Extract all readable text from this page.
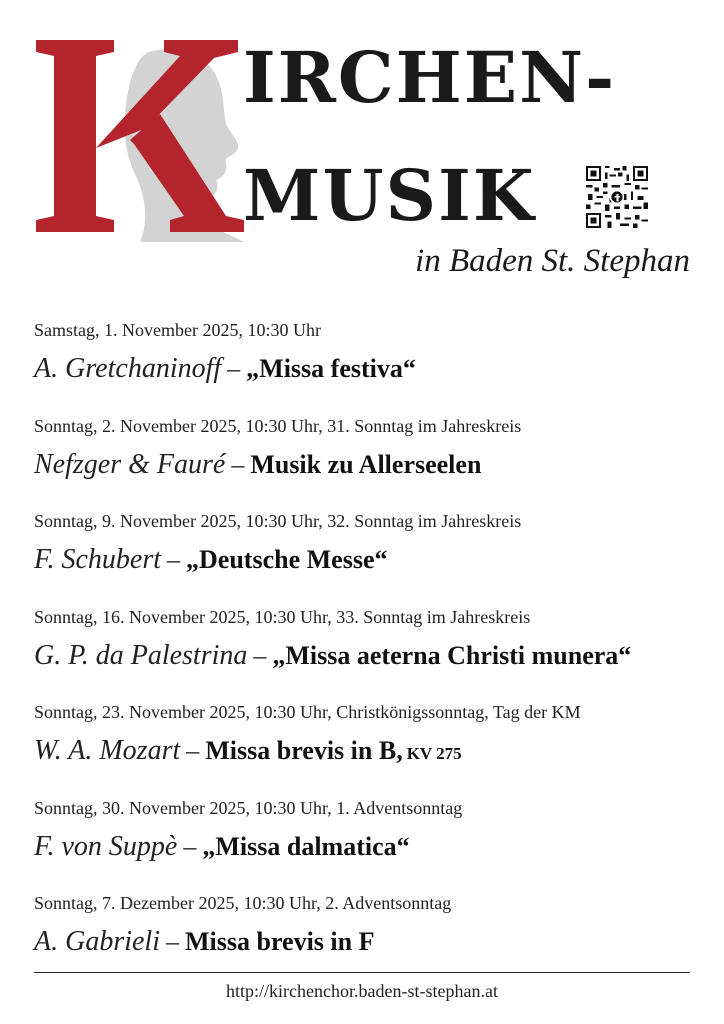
IRCHEN-
MUSIK
in Baden St. Stephan
Samstag, 1. November 2025, 10:30 Uhr
A. Gretchaninoff – „Missa festiva“
Sonntag, 2. November 2025, 10:30 Uhr, 31. Sonntag im Jahreskreis
Nefzger & Fauré – Musik zu Allerseelen
Sonntag, 9. November 2025, 10:30 Uhr, 32. Sonntag im Jahreskreis
F. Schubert – „Deutsche Messe“
Sonntag, 16. November 2025, 10:30 Uhr, 33. Sonntag im Jahreskreis
G. P. da Palestrina – „Missa aeterna Christi munera“
Sonntag, 23. November 2025, 10:30 Uhr, Christkönigssonntag, Tag der KM
W. A. Mozart – Missa brevis in B, KV 275
Sonntag, 30. November 2025, 10:30 Uhr, 1. Adventsonntag
F. von Suppè – „Missa dalmatica“
Sonntag, 7. Dezember 2025, 10:30 Uhr, 2. Adventsonntag
A. Gabrieli – Missa brevis in F
http://kirchenchor.baden-st-stephan.at
